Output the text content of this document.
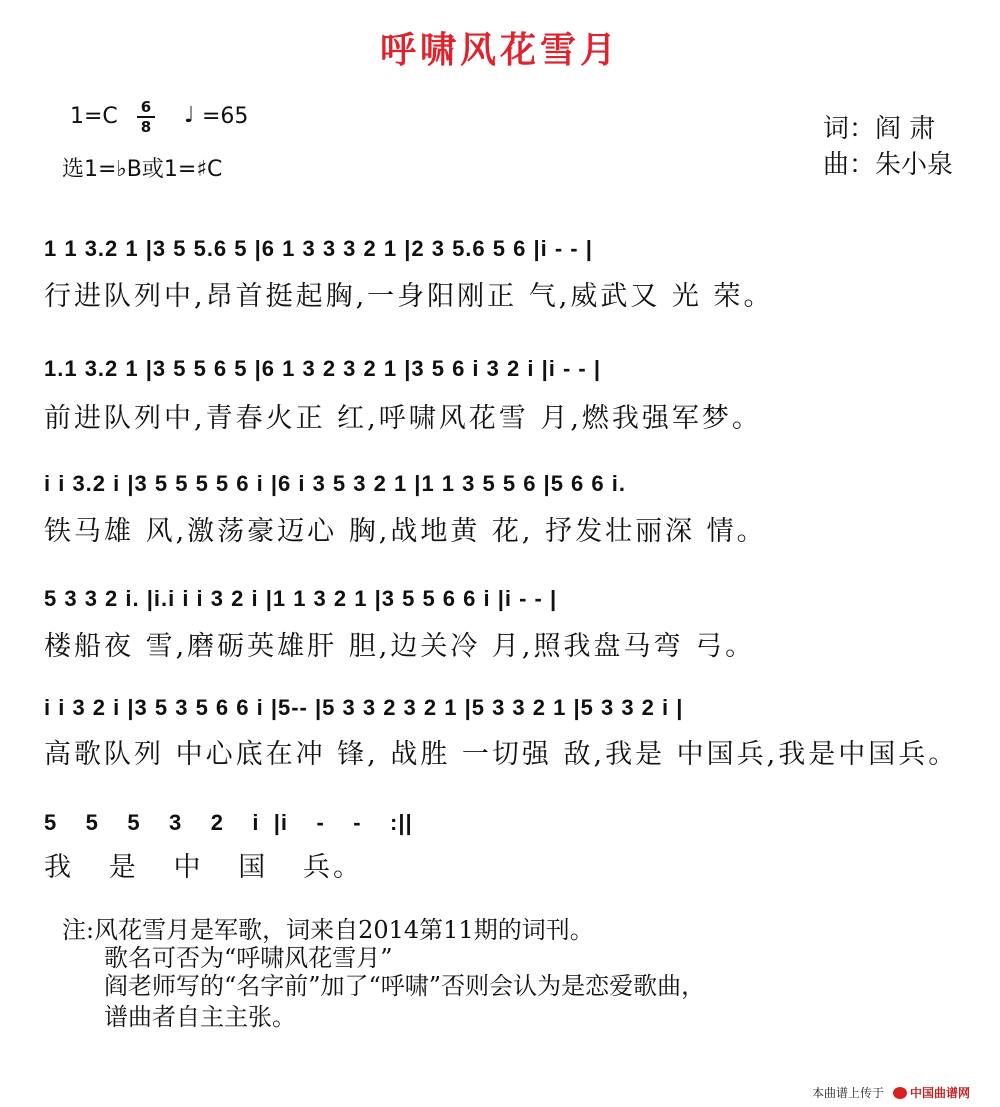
呼啸风花雪月
1=C	6
8 ♩ =65
选1=♭B或1=♯C
词：阎 肃
曲：朱小泉
1 1 3.2 1 |3 5 5.6 5 |6 1 3 3 3 2 1 |2 3 5.6 5 6 |i - - |
行进队列中,昂首挺起胸,一身阳刚正 气,威武又 光 荣。
1.1 3.2 1 |3 5 5 6 5 |6 1 3 2 3 2 1 |3 5 6 i 3 2 i |i - - |
前进队列中,青春火正 红,呼啸风花雪 月,燃我强军梦。
i i 3.2 i |3 5 5 5 5 6 i |6 i 3 5 3 2 1 |1 1 3 5 5 6 |5 6 6 i.
铁马雄 风,激荡豪迈心 胸,战地黄 花, 抒发壮丽深 情。
5 3 3 2 i. |i.i i i 3 2 i |1 1 3 2 1 |3 5 5 6 6 i |i - - |
楼船夜 雪,磨砺英雄肝 胆,边关冷 月,照我盘马弯 弓。
i i 3 2 i |3 5 3 5 6 6 i |5-- |5 3 3 2 3 2 1 |5 3 3 2 1 |5 3 3 2 i |
高歌队列 中心底在冲 锋, 战胜 一切强 敌,我是 中国兵,我是中国兵。
5    5    5    3    2    i  |i    -    -    :||
我   是   中   国   兵。
注:风花雪月是军歌，词来自2014第11期的词刊。
歌名可否为“呼啸风花雪月”
阎老师写的“名字前”加了“呼啸”否则会认为是恋爱歌曲，
谱曲者自主主张。
本曲谱上传于	中国曲谱网
